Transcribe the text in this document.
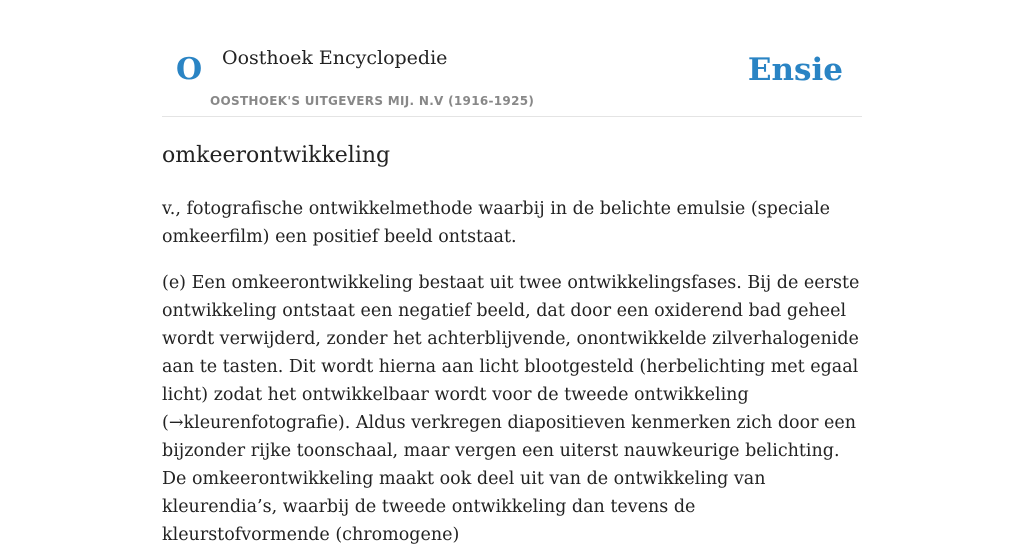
O Oosthoek Encyclopedie
OOSTHOEK'S UITGEVERS MIJ. N.V (1916-1925)
Ensie
omkeerontwikkeling

v., fotografische ontwikkelmethode waarbij in de belichte emulsie (speciale omkeerfilm) een positief beeld ontstaat.

(e) Een omkeerontwikkeling bestaat uit twee ontwikkelingsfases. Bij de eerste ontwikkeling ontstaat een negatief beeld, dat door een oxiderend bad geheel wordt verwijderd, zonder het achterblijvende, onontwikkelde zilverhalogenide aan te tasten. Dit wordt hierna aan licht blootgesteld (herbelichting met egaal licht) zodat het ontwikkelbaar wordt voor de tweede ontwikkeling (→kleurenfotografie). Aldus verkregen diapositieven kenmerken zich door een bijzonder rijke toonschaal, maar vergen een uiterst nauwkeurige belichting. De omkeerontwikkeling maakt ook deel uit van de ontwikkeling van kleurendia’s, waarbij de tweede ontwikkeling dan tevens de kleurstofvormende (chromogene)
